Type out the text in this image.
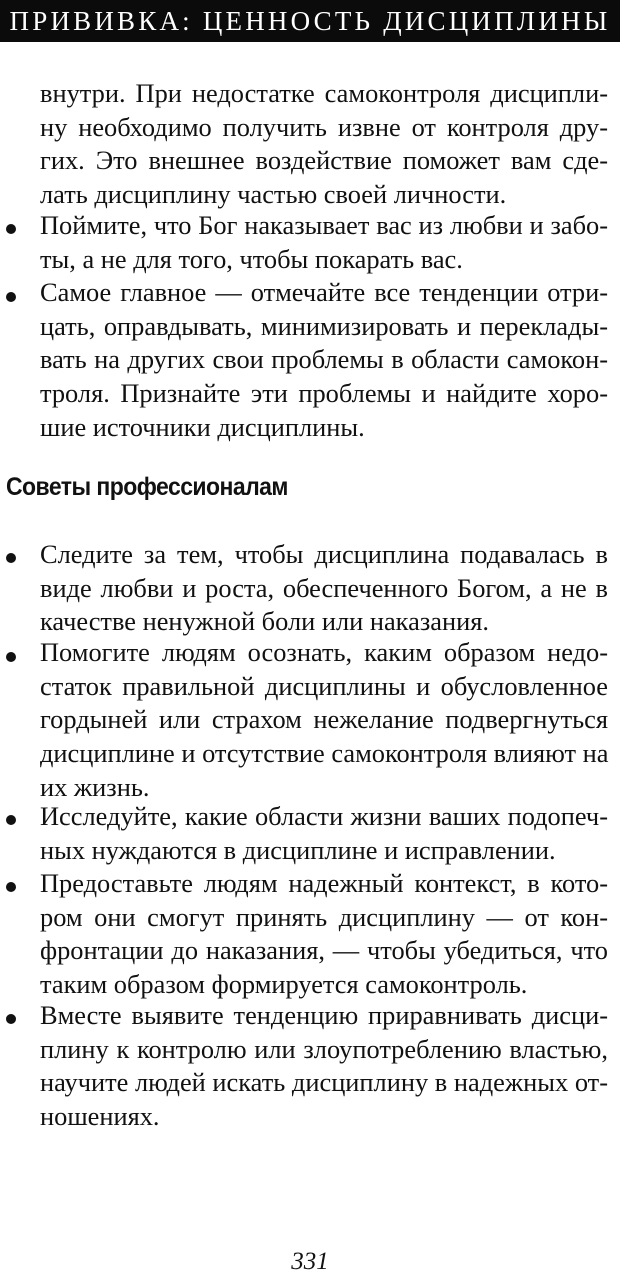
ПРИВИВКА: ЦЕННОСТЬ ДИСЦИПЛИНЫ
внутри. При недостатке самоконтроля дисципли-
ну необходимо получить извне от контроля дру-
гих. Это внешнее воздействие поможет вам сде-
лать дисциплину частью своей личности.
Поймите, что Бог наказывает вас из любви и забо-
ты, а не для того, чтобы покарать вас.
Самое главное — отмечайте все тенденции отри-
цать, оправдывать, минимизировать и переклады-
вать на других свои проблемы в области самокон-
троля. Признайте эти проблемы и найдите хоро-
шие источники дисциплины.
Советы профессионалам
Следите за тем, чтобы дисциплина подавалась в
виде любви и роста, обеспеченного Богом, а не в
качестве ненужной боли или наказания.
Помогите людям осознать, каким образом недо-
статок правильной дисциплины и обусловленное
гордыней или страхом нежелание подвергнуться
дисциплине и отсутствие самоконтроля влияют на
их жизнь.
Исследуйте, какие области жизни ваших подопеч-
ных нуждаются в дисциплине и исправлении.
Предоставьте людям надежный контекст, в кото-
ром они смогут принять дисциплину — от кон-
фронтации до наказания, — чтобы убедиться, что
таким образом формируется самоконтроль.
Вместе выявите тенденцию приравнивать дисци-
плину к контролю или злоупотреблению властью,
научите людей искать дисциплину в надежных от-
ношениях.
331
